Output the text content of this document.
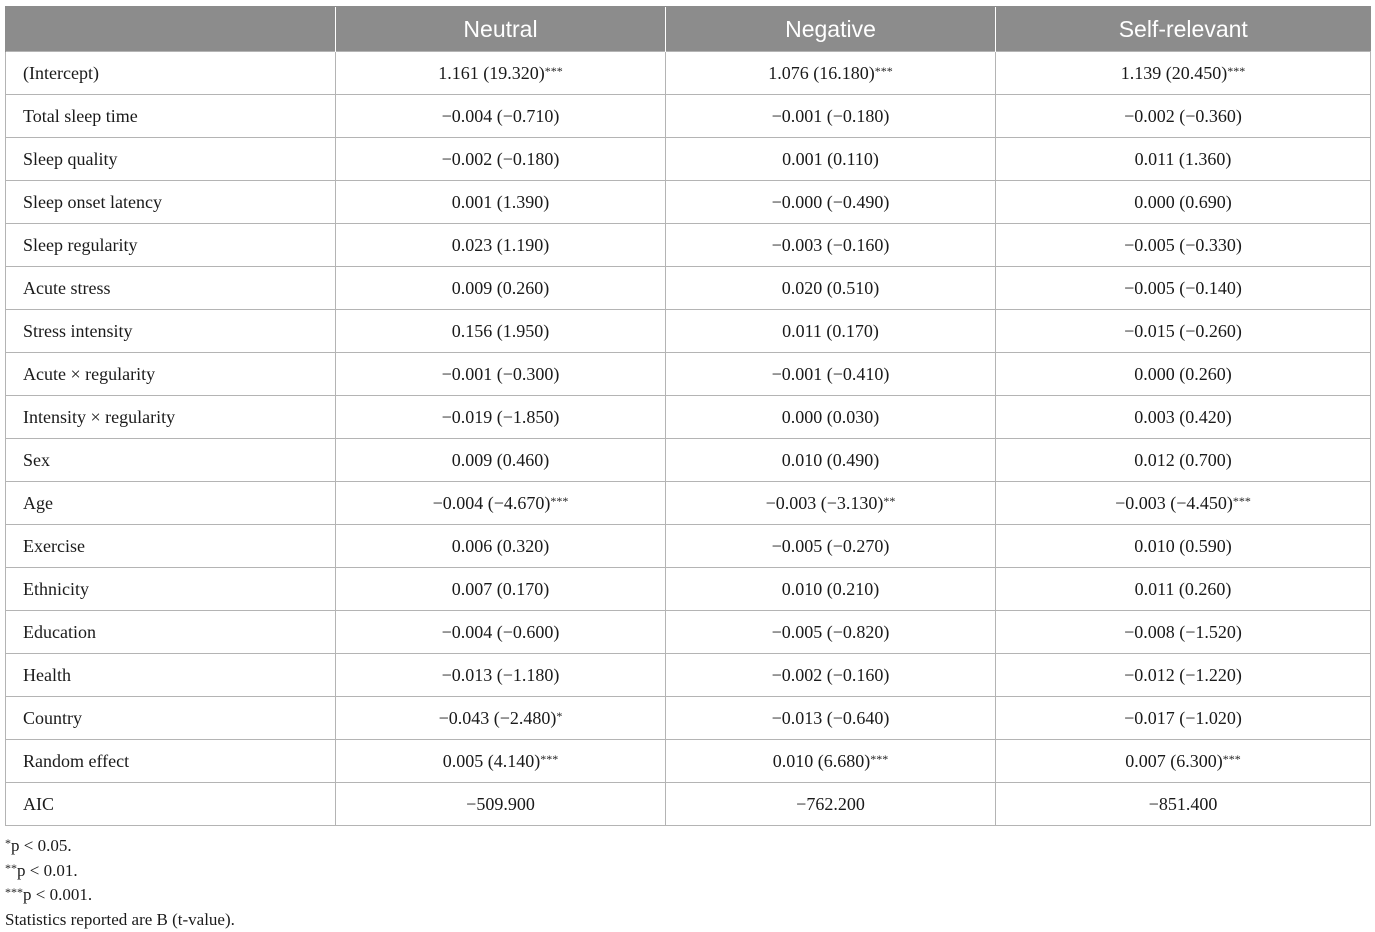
	Neutral	Negative	Self-relevant
(Intercept)	1.161 (19.320)***	1.076 (16.180)***	1.139 (20.450)***
Total sleep time	−0.004 (−0.710)	−0.001 (−0.180)	−0.002 (−0.360)
Sleep quality	−0.002 (−0.180)	0.001 (0.110)	0.011 (1.360)
Sleep onset latency	0.001 (1.390)	−0.000 (−0.490)	0.000 (0.690)
Sleep regularity	0.023 (1.190)	−0.003 (−0.160)	−0.005 (−0.330)
Acute stress	0.009 (0.260)	0.020 (0.510)	−0.005 (−0.140)
Stress intensity	0.156 (1.950)	0.011 (0.170)	−0.015 (−0.260)
Acute × regularity	−0.001 (−0.300)	−0.001 (−0.410)	0.000 (0.260)
Intensity × regularity	−0.019 (−1.850)	0.000 (0.030)	0.003 (0.420)
Sex	0.009 (0.460)	0.010 (0.490)	0.012 (0.700)
Age	−0.004 (−4.670)***	−0.003 (−3.130)**	−0.003 (−4.450)***
Exercise	0.006 (0.320)	−0.005 (−0.270)	0.010 (0.590)
Ethnicity	0.007 (0.170)	0.010 (0.210)	0.011 (0.260)
Education	−0.004 (−0.600)	−0.005 (−0.820)	−0.008 (−1.520)
Health	−0.013 (−1.180)	−0.002 (−0.160)	−0.012 (−1.220)
Country	−0.043 (−2.480)*	−0.013 (−0.640)	−0.017 (−1.020)
Random effect	0.005 (4.140)***	0.010 (6.680)***	0.007 (6.300)***
AIC	−509.900	−762.200	−851.400
*p < 0.05.
**p < 0.01.
***p < 0.001.
Statistics reported are B (t-value).
